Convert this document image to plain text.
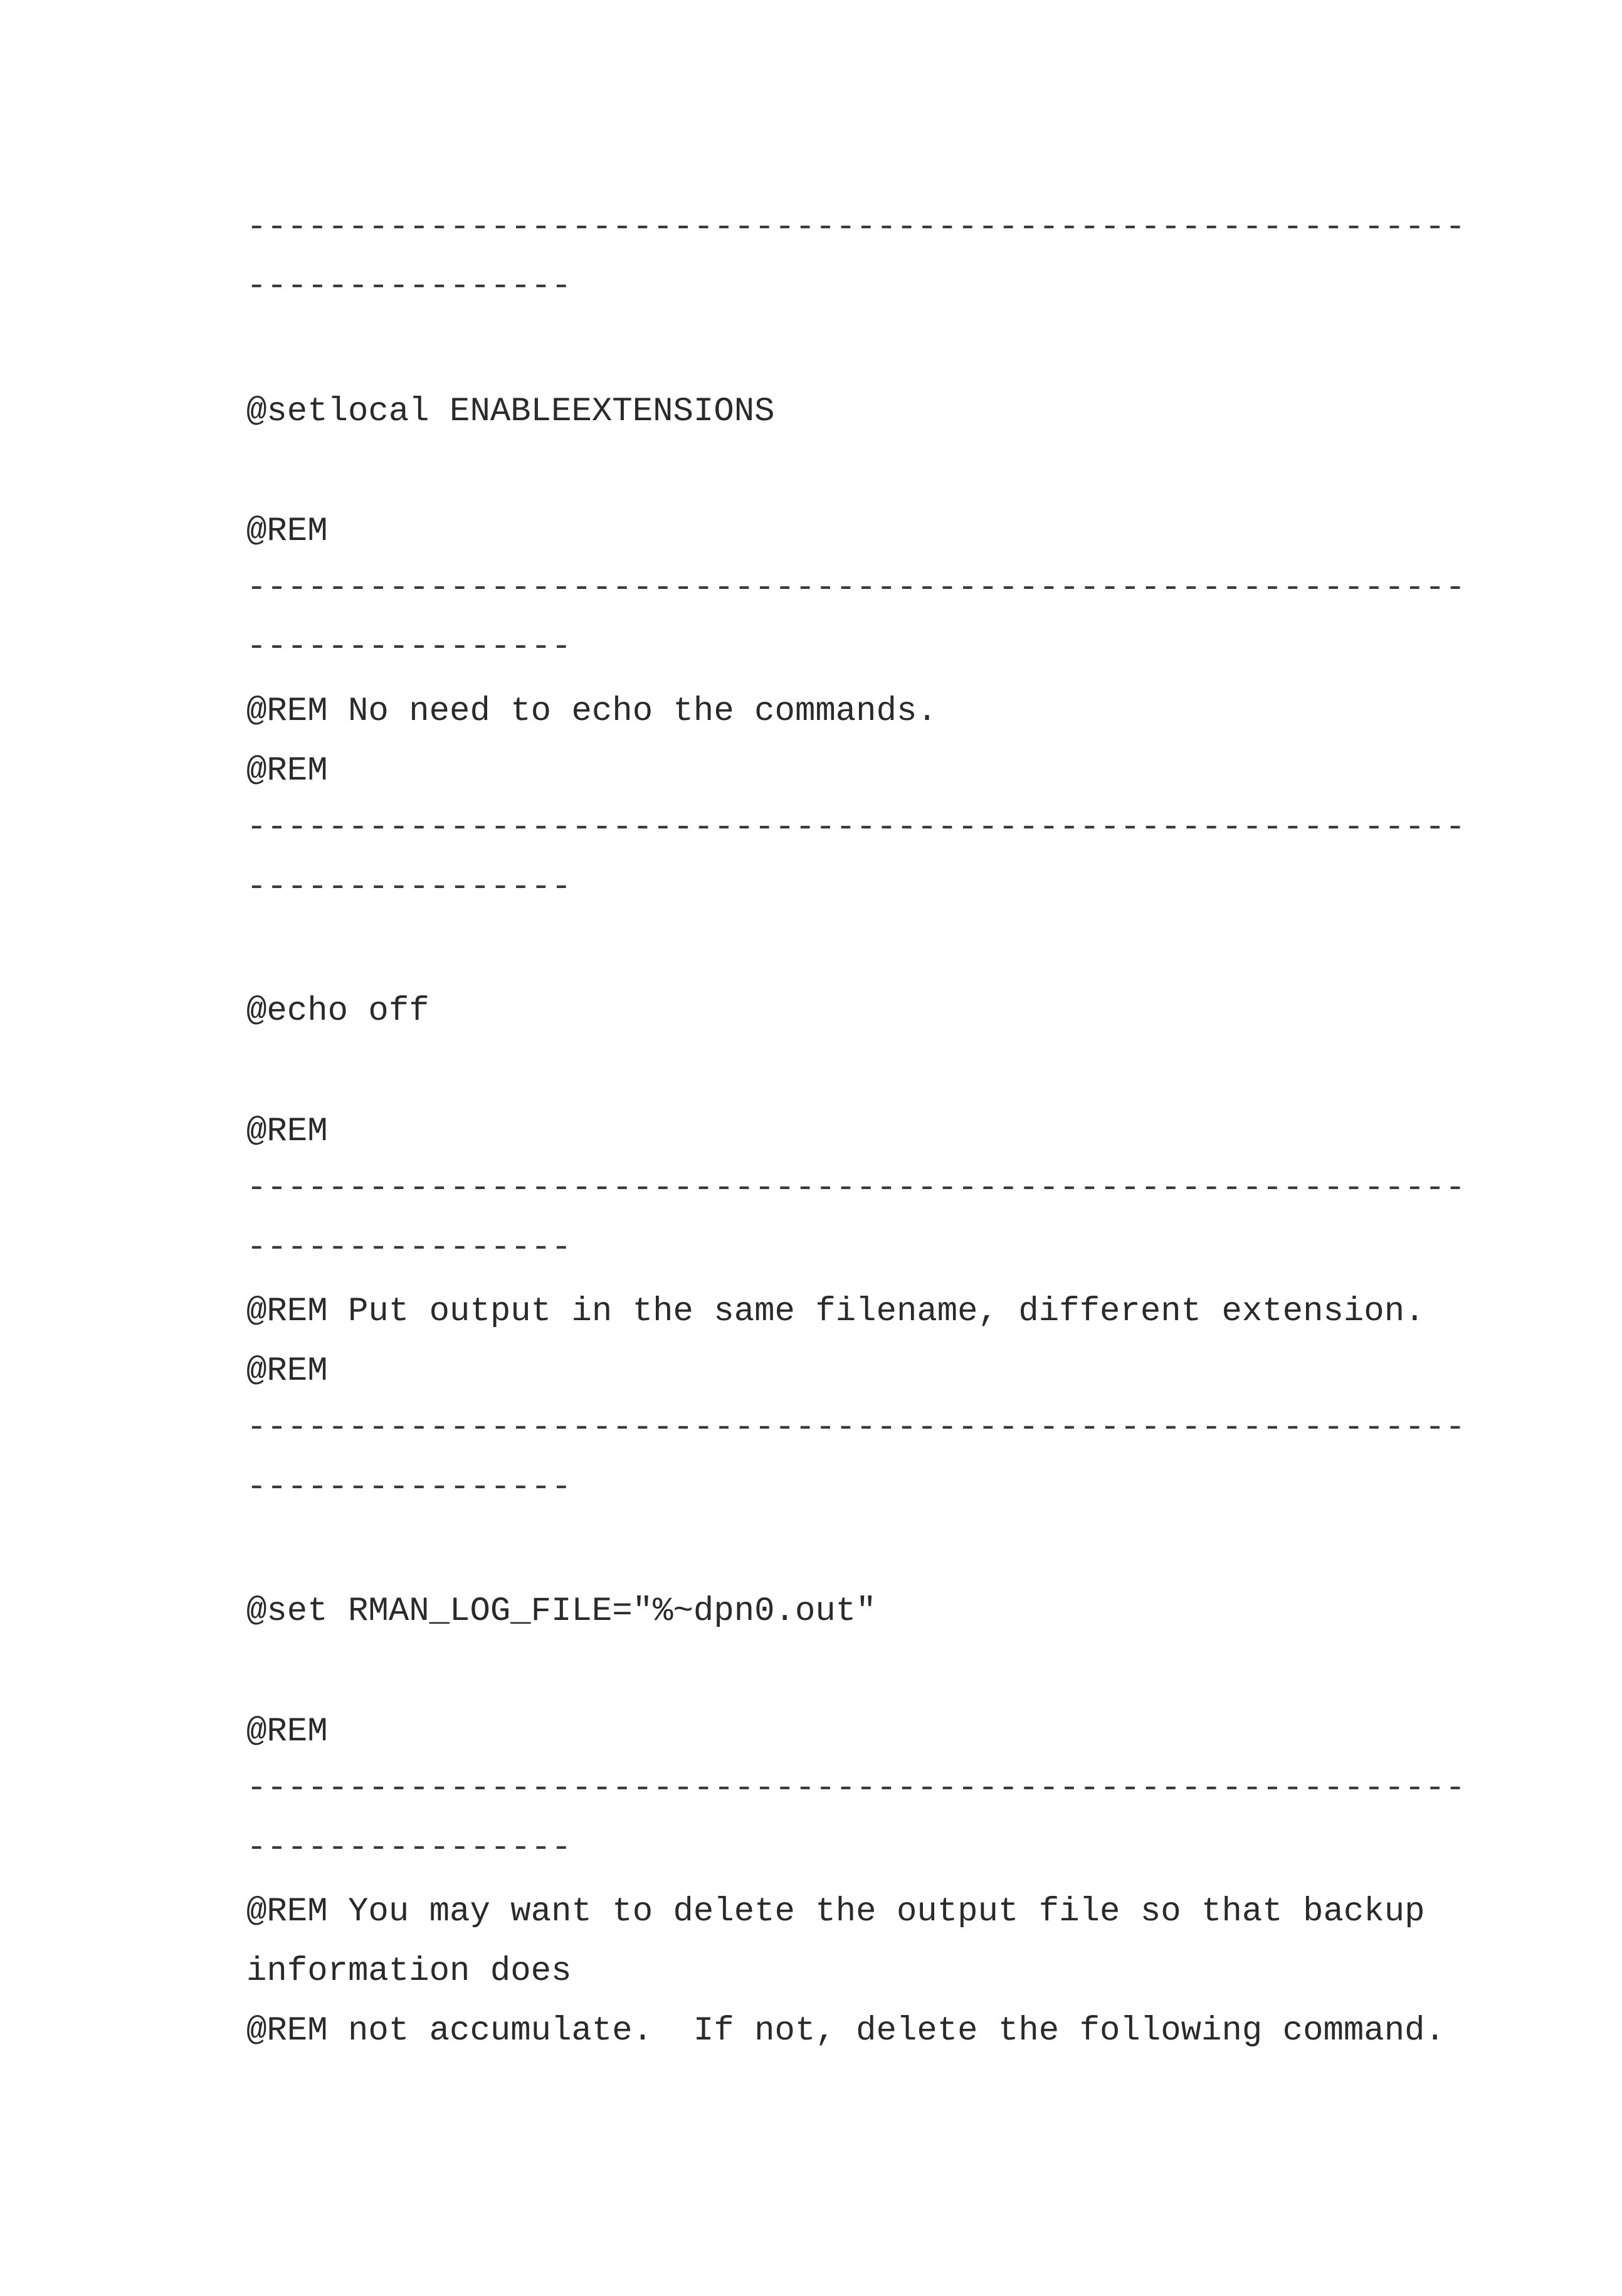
------------------------------------------------------------
----------------
@setlocal ENABLEEXTENSIONS
@REM
------------------------------------------------------------
----------------
@REM No need to echo the commands.
@REM
------------------------------------------------------------
----------------
@echo off
@REM
------------------------------------------------------------
----------------
@REM Put output in the same filename, different extension.
@REM
------------------------------------------------------------
----------------
@set RMAN_LOG_FILE="%~dpn0.out"
@REM
------------------------------------------------------------
----------------
@REM You may want to delete the output file so that backup
information does
@REM not accumulate.  If not, delete the following command.
